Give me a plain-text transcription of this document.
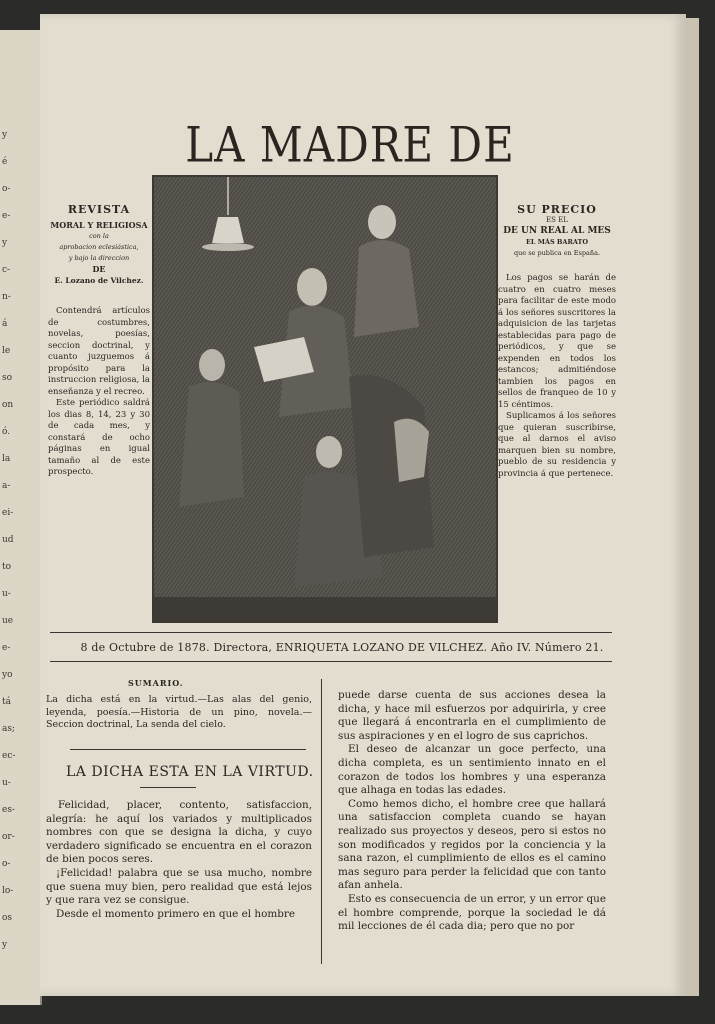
y
é
o-
e-
y
c-
n-
á
le
so
on
ó.
la
a-
ei-
ud
to
u-
ue
e-
yo
tá
as;
ec-
u-
es-
or-
o-
lo-
os
y
LA MADRE DE
REVISTA
MORAL Y RELIGIOSA
con la
aprobacion eclesiástica,
y bajo la direccion
DE
E. Lozano de Vilchez.
Contendrá artículos de costumbres, novelas, poesías, seccion doctrinal, y cuanto juzguemos á propósito para la instruccion religiosa, la enseñanza y el recreo.
Este periódico saldrá los dias 8, 14, 23 y 30 de cada mes, y constará de ocho páginas en igual tamaño al de este prospecto.
SU PRECIO
ES EL
DE UN REAL AL MES
EL MÁS BARATO
que se publica en España.
Los pagos se harán de cuatro en cuatro meses para facilitar de este modo á los señores suscritores la adquisicion de las tarjetas establecidas para pago de periódicos, y que se expenden en todos los estancos; admitiéndose tambien los pagos en sellos de franqueo de 10 y 15 céntimos.
Suplicamos á los señores que quieran suscribirse, que al darnos el aviso marquen bien su nombre, pueblo de su residencia y provincia á que pertenece.
8 de Octubre de 1878. Directora, ENRIQUETA LOZANO DE VILCHEZ. Año IV. Número 21.
SUMARIO.
La dicha está en la virtud.—Las alas del genio, leyenda, poesía.—Historia de un pino, novela.—Seccion doctrinal, La senda del cielo.
LA DICHA ESTA EN LA VIRTUD.

Felicidad, placer, contento, satisfaccion, alegría: he aquí los variados y multiplicados nombres con que se designa la dicha, y cuyo verdadero significado se encuentra en el corazon de bien pocos seres.

¡Felicidad! palabra que se usa mucho, nombre que suena muy bien, pero realidad que está lejos y que rara vez se consigue.

Desde el momento primero en que el hombre

puede darse cuenta de sus acciones desea la dicha, y hace mil esfuerzos por adquirirla, y cree que llegará á encontrarla en el cumplimiento de sus aspiraciones y en el logro de sus caprichos.

El deseo de alcanzar un goce perfecto, una dicha completa, es un sentimiento innato en el corazon de todos los hombres y una esperanza que alhaga en todas las edades.

Como hemos dicho, el hombre cree que hallará una satisfaccion completa cuando se hayan realizado sus proyectos y deseos, pero si estos no son modificados y regidos por la conciencia y la sana razon, el cumplimiento de ellos es el camino mas seguro para perder la felicidad que con tanto afan anhela.

Esto es consecuencia de un error, y un error que el hombre comprende, porque la sociedad le dá mil lecciones de él cada dia; pero que no por
